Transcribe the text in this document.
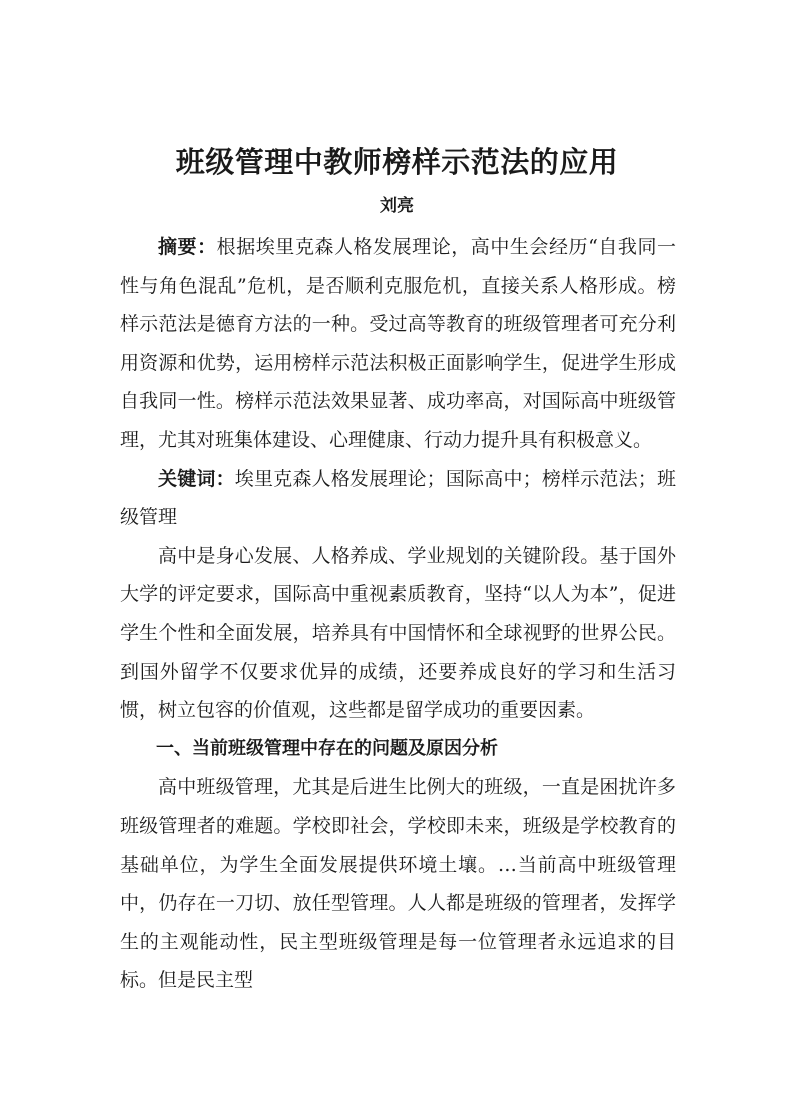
班级管理中教师榜样示范法的应用
刘亮

摘要：根据埃里克森人格发展理论，高中生会经历“自我同一性与角色混乱”危机，是否顺利克服危机，直接关系人格形成。榜样示范法是德育方法的一种。受过高等教育的班级管理者可充分利用资源和优势，运用榜样示范法积极正面影响学生，促进学生形成自我同一性。榜样示范法效果显著、成功率高，对国际高中班级管理，尤其对班集体建设、心理健康、行动力提升具有积极意义。

关键词：埃里克森人格发展理论；国际高中；榜样示范法；班级管理

高中是身心发展、人格养成、学业规划的关键阶段。基于国外大学的评定要求，国际高中重视素质教育，坚持“以人为本”，促进学生个性和全面发展，培养具有中国情怀和全球视野的世界公民。到国外留学不仅要求优异的成绩，还要养成良好的学习和生活习惯，树立包容的价值观，这些都是留学成功的重要因素。

一、当前班级管理中存在的问题及原因分析

高中班级管理，尤其是后进生比例大的班级，一直是困扰许多班级管理者的难题。学校即社会，学校即未来，班级是学校教育的基础单位，为学生全面发展提供环境土壤。…当前高中班级管理中，仍存在一刀切、放任型管理。人人都是班级的管理者，发挥学生的主观能动性，民主型班级管理是每一位管理者永远追求的目标。但是民主型
